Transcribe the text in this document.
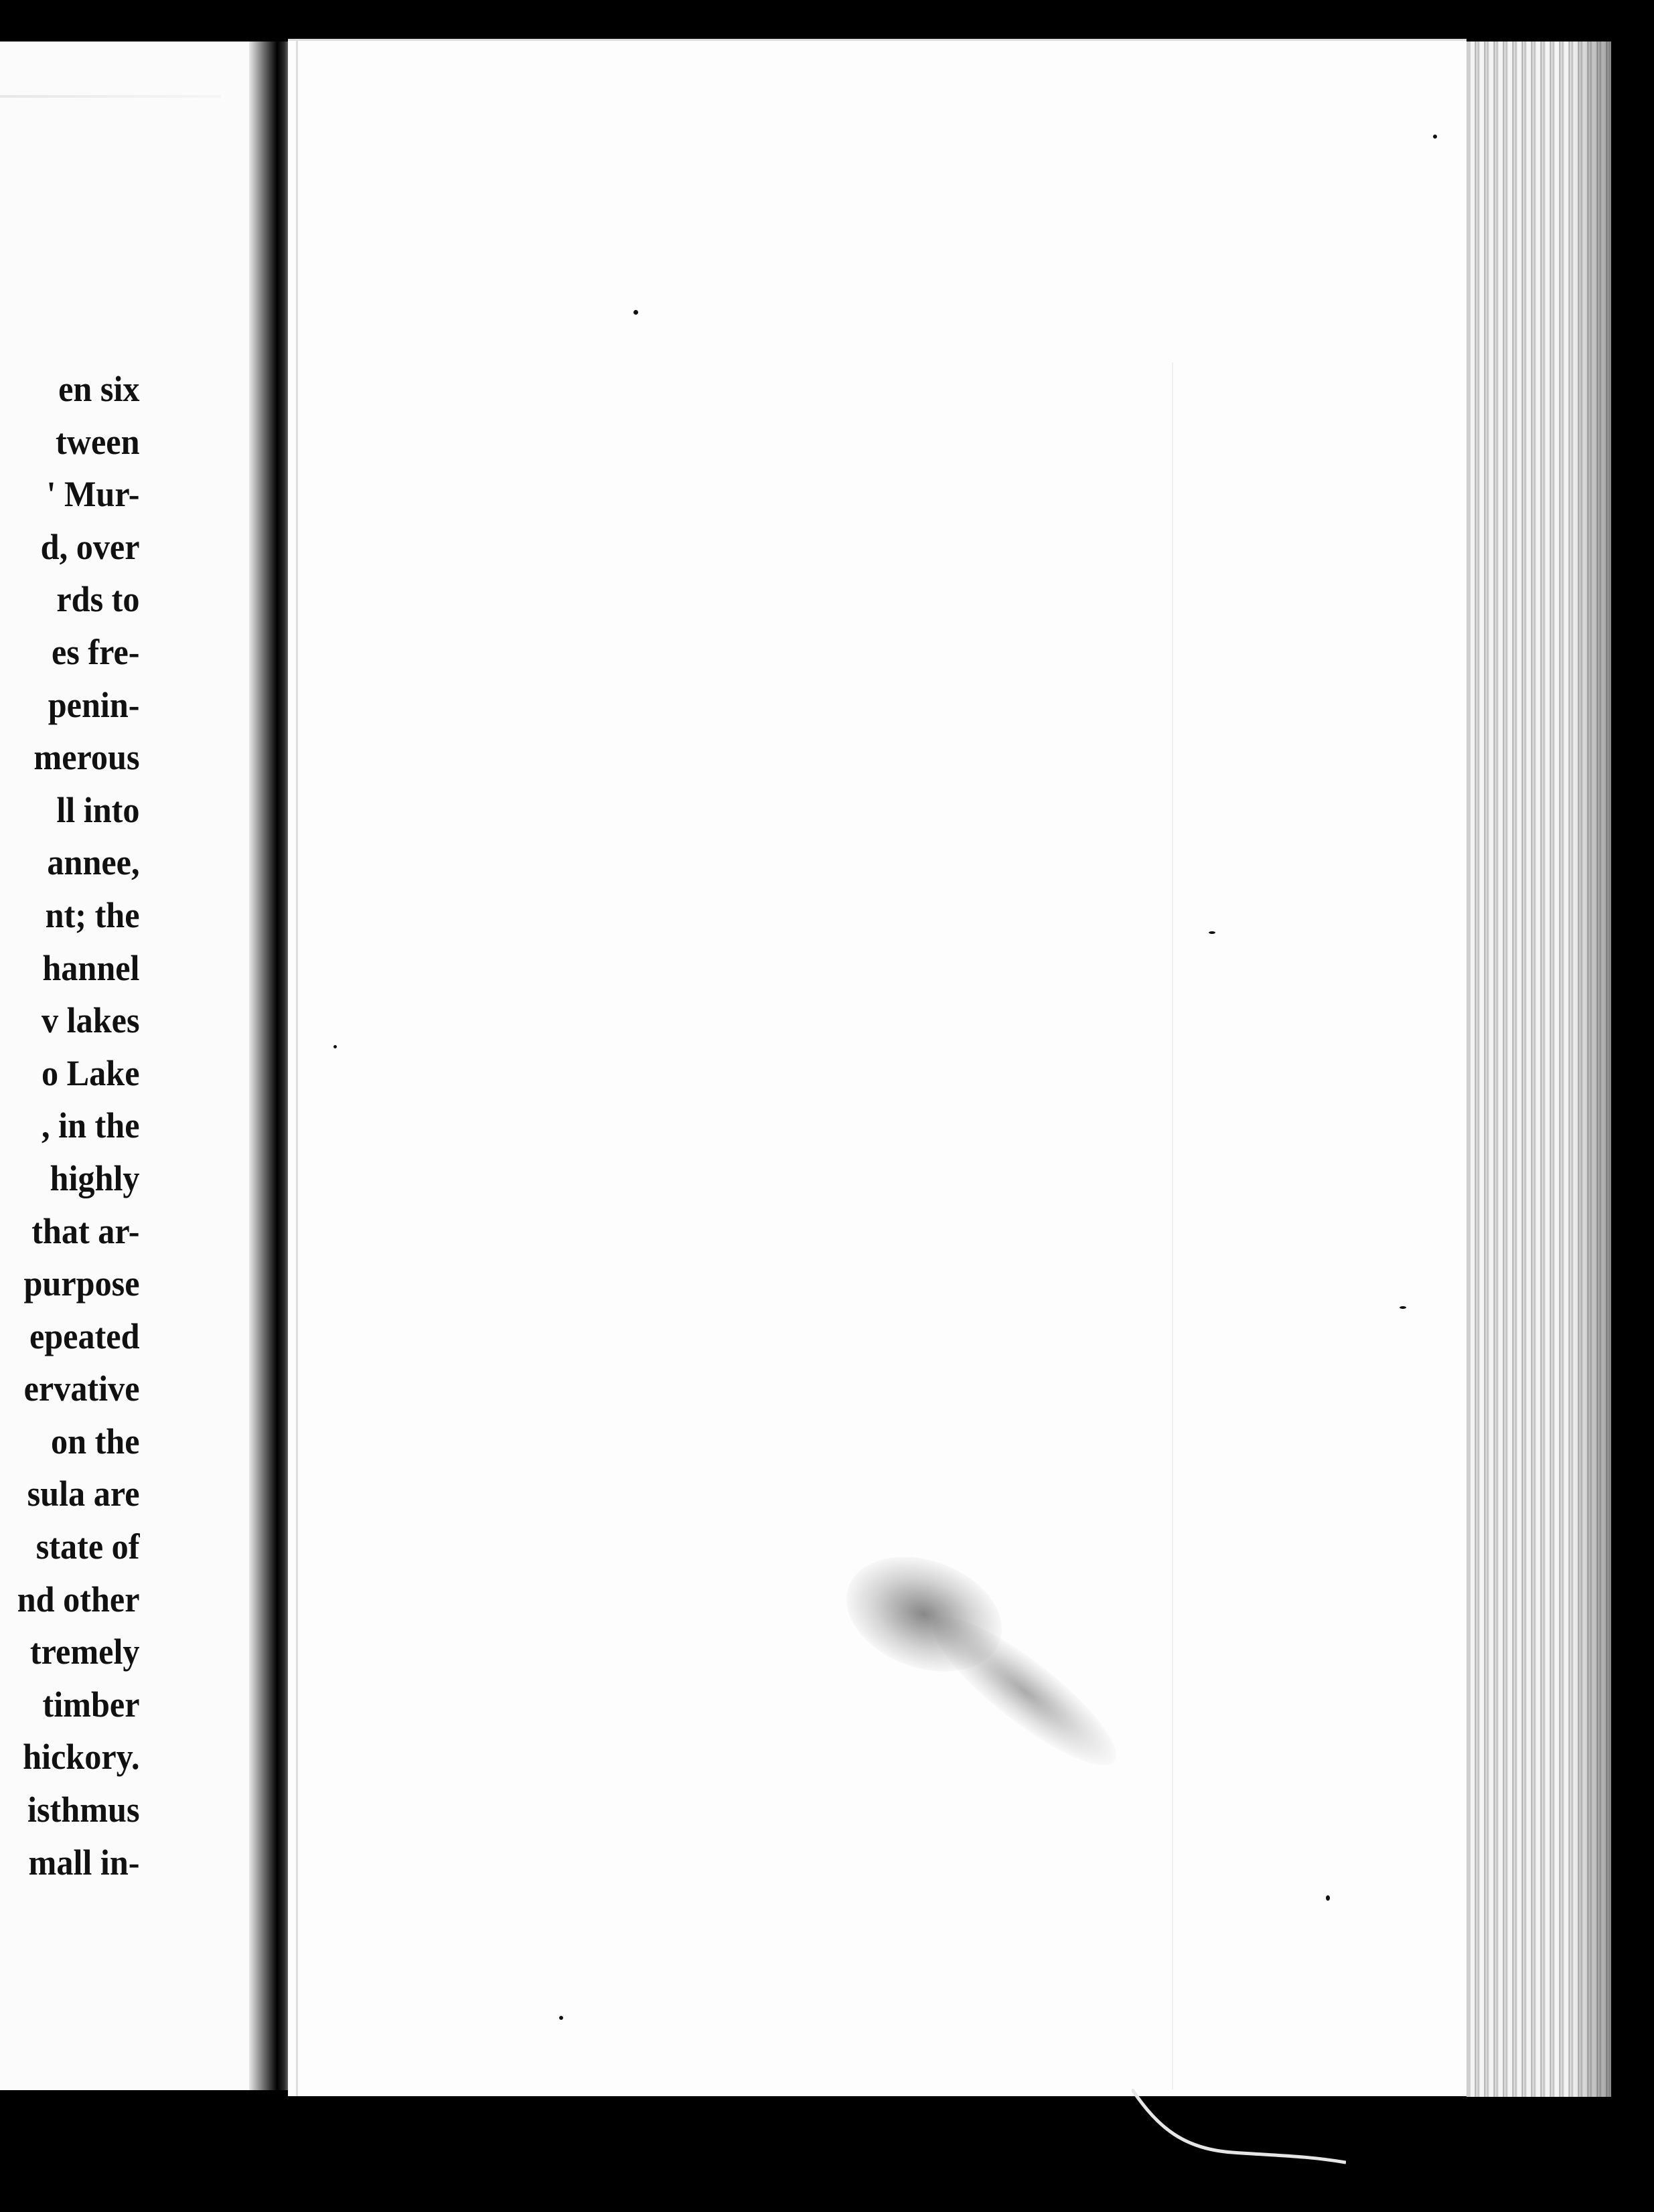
en six
tween
' Mur-
d, over
rds to
es fre-
penin-
merous
ll into
annee,
nt; the
hannel
v lakes
o Lake
, in the
highly
that ar-
purpose
epeated
ervative
on the
sula are
state of
nd other
tremely
timber
hickory.
isthmus
mall in-
